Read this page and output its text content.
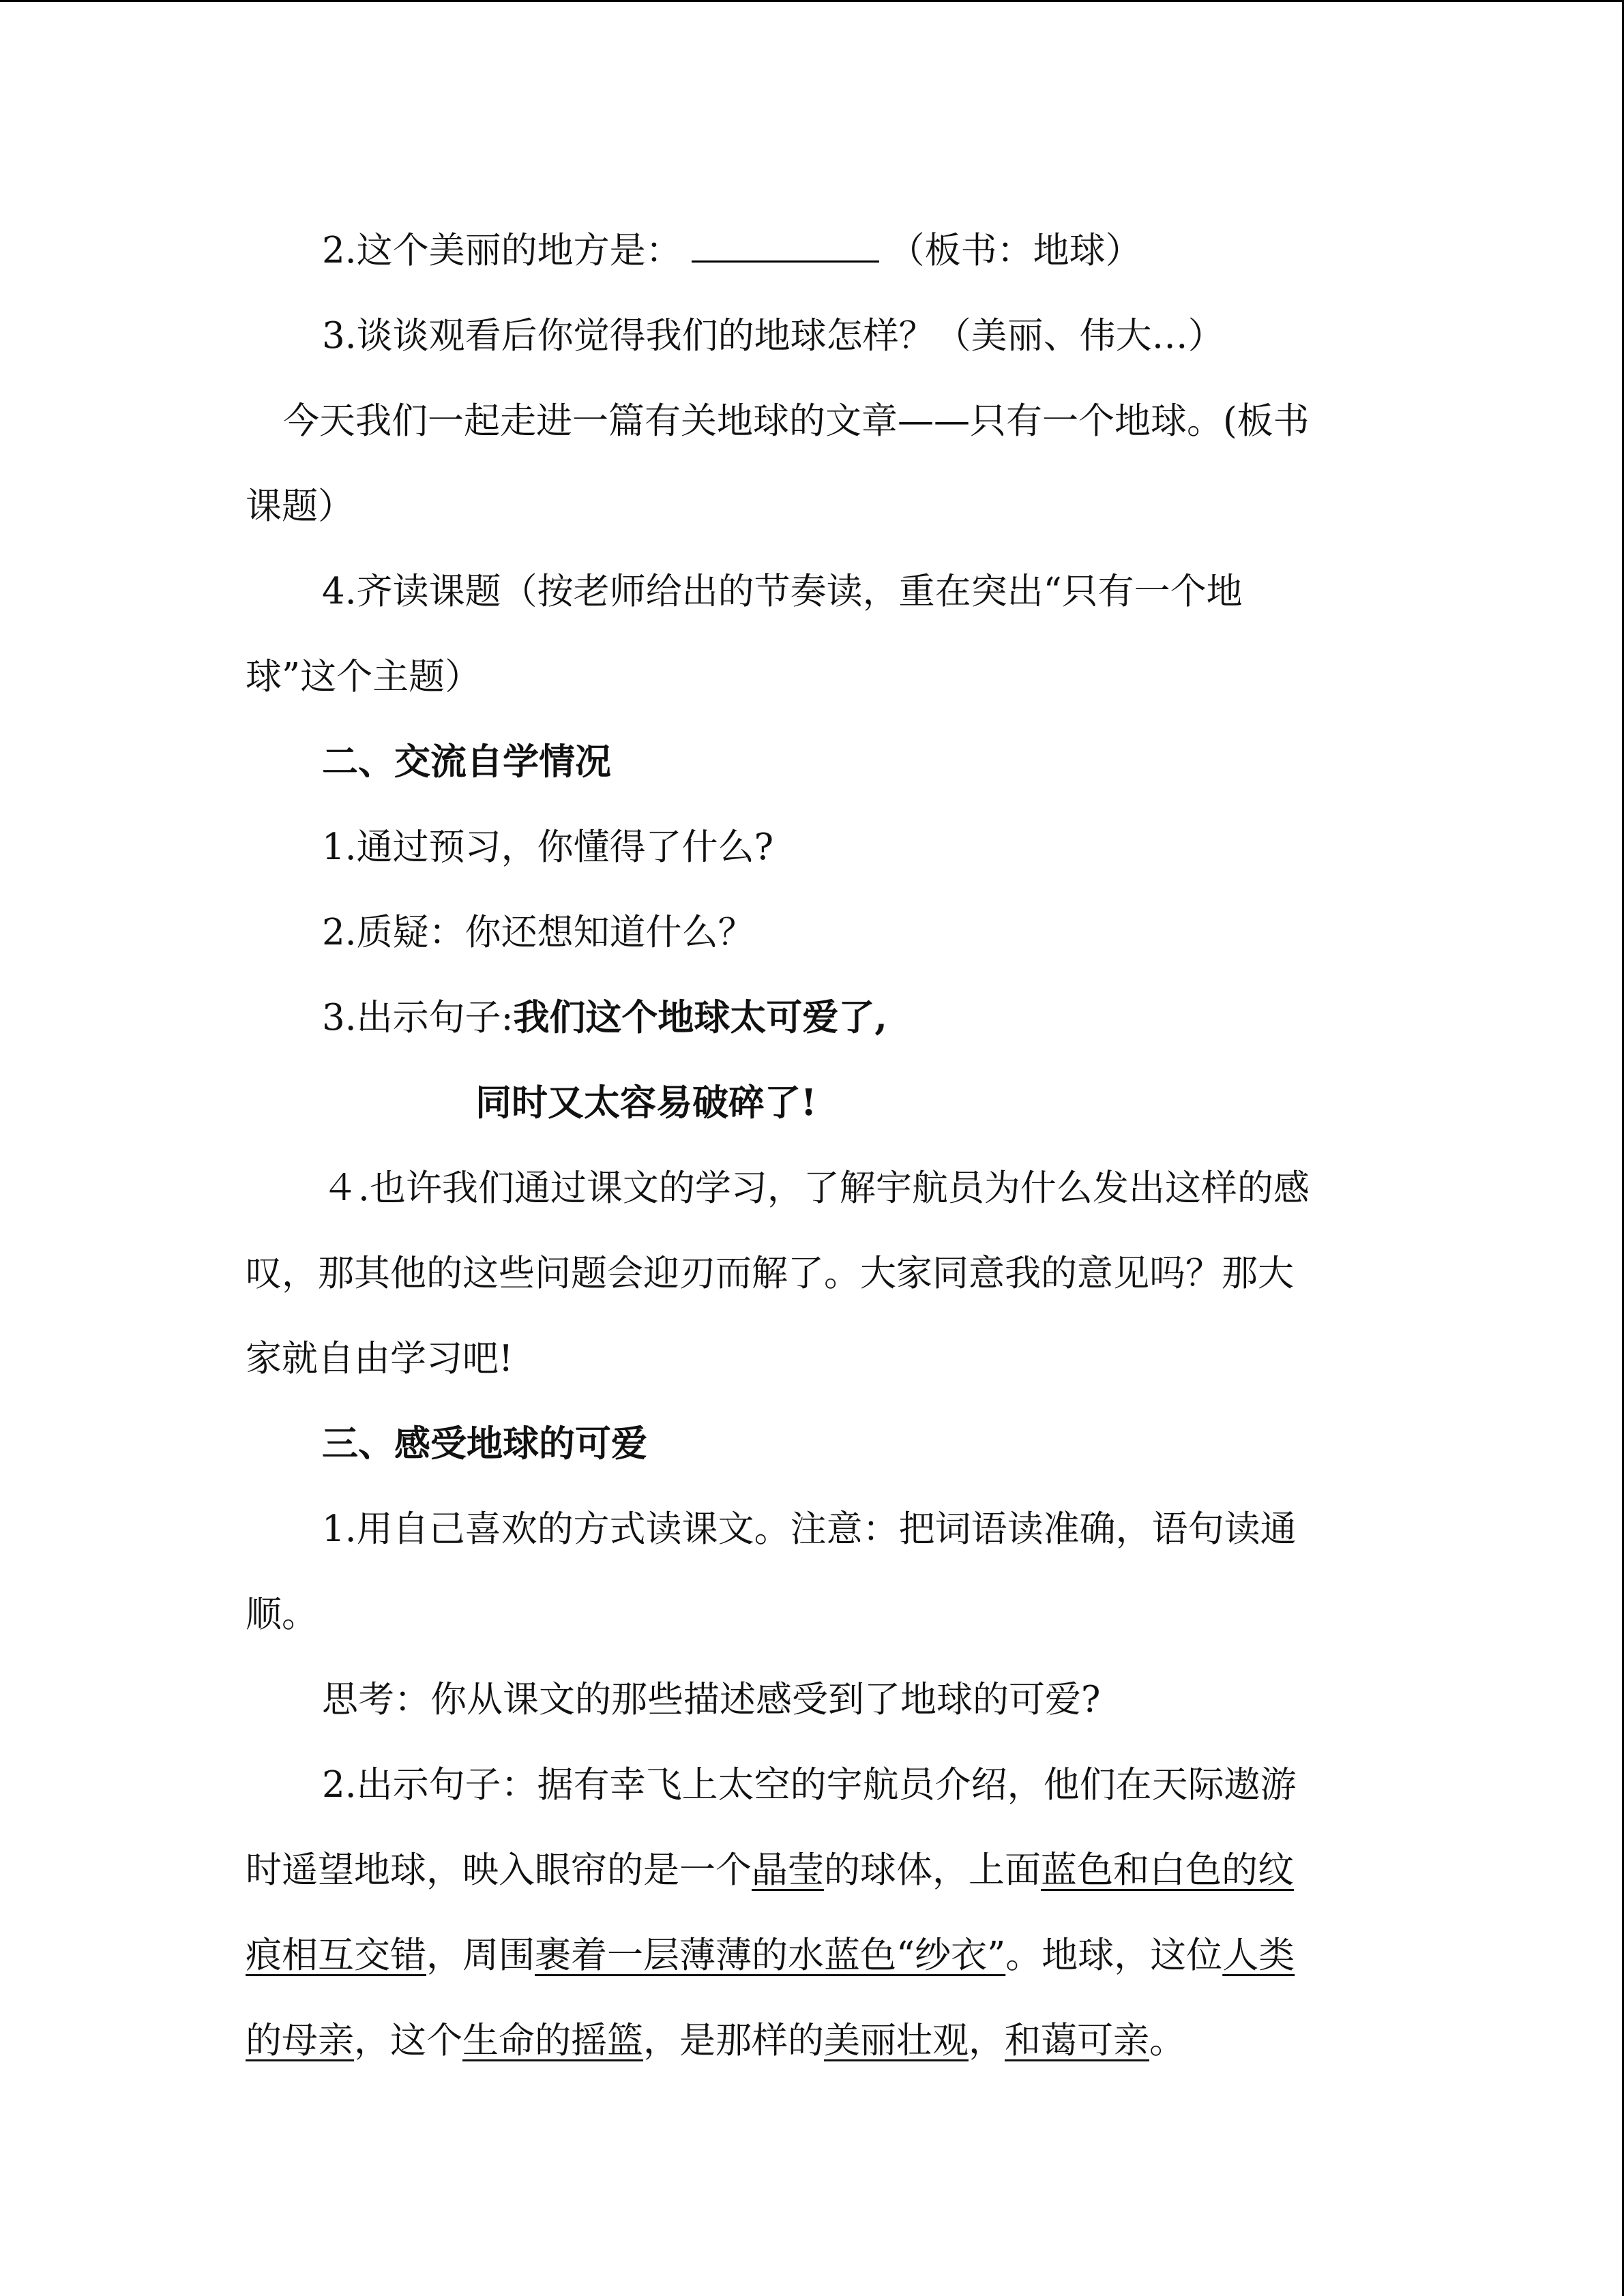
2.这个美丽的地方是：	（板书：地球）

3.谈谈观看后你觉得我们的地球怎样？（美丽、伟大…）

今天我们一起走进一篇有关地球的文章——只有一个地球。(板书

课题）

4.齐读课题（按老师给出的节奏读，重在突出“只有一个地

球”这个主题）

二、交流自学情况

1.通过预习，你懂得了什么?

2.质疑：你还想知道什么？

3.出示句子:我们这个地球太可爱了,

同时又太容易破碎了!

４.也许我们通过课文的学习，了解宇航员为什么发出这样的感

叹，那其他的这些问题会迎刃而解了。大家同意我的意见吗？那大

家就自由学习吧!

三、感受地球的可爱

1.用自己喜欢的方式读课文。注意：把词语读准确，语句读通

顺。

思考：你从课文的那些描述感受到了地球的可爱?

2.出示句子：据有幸飞上太空的宇航员介绍，他们在天际遨游

时遥望地球，映入眼帘的是一个晶莹的球体，上面蓝色和白色的纹

痕相互交错，周围裹着一层薄薄的水蓝色“纱衣”。地球，这位人类

的母亲，这个生命的摇篮，是那样的美丽壮观，和蔼可亲。
